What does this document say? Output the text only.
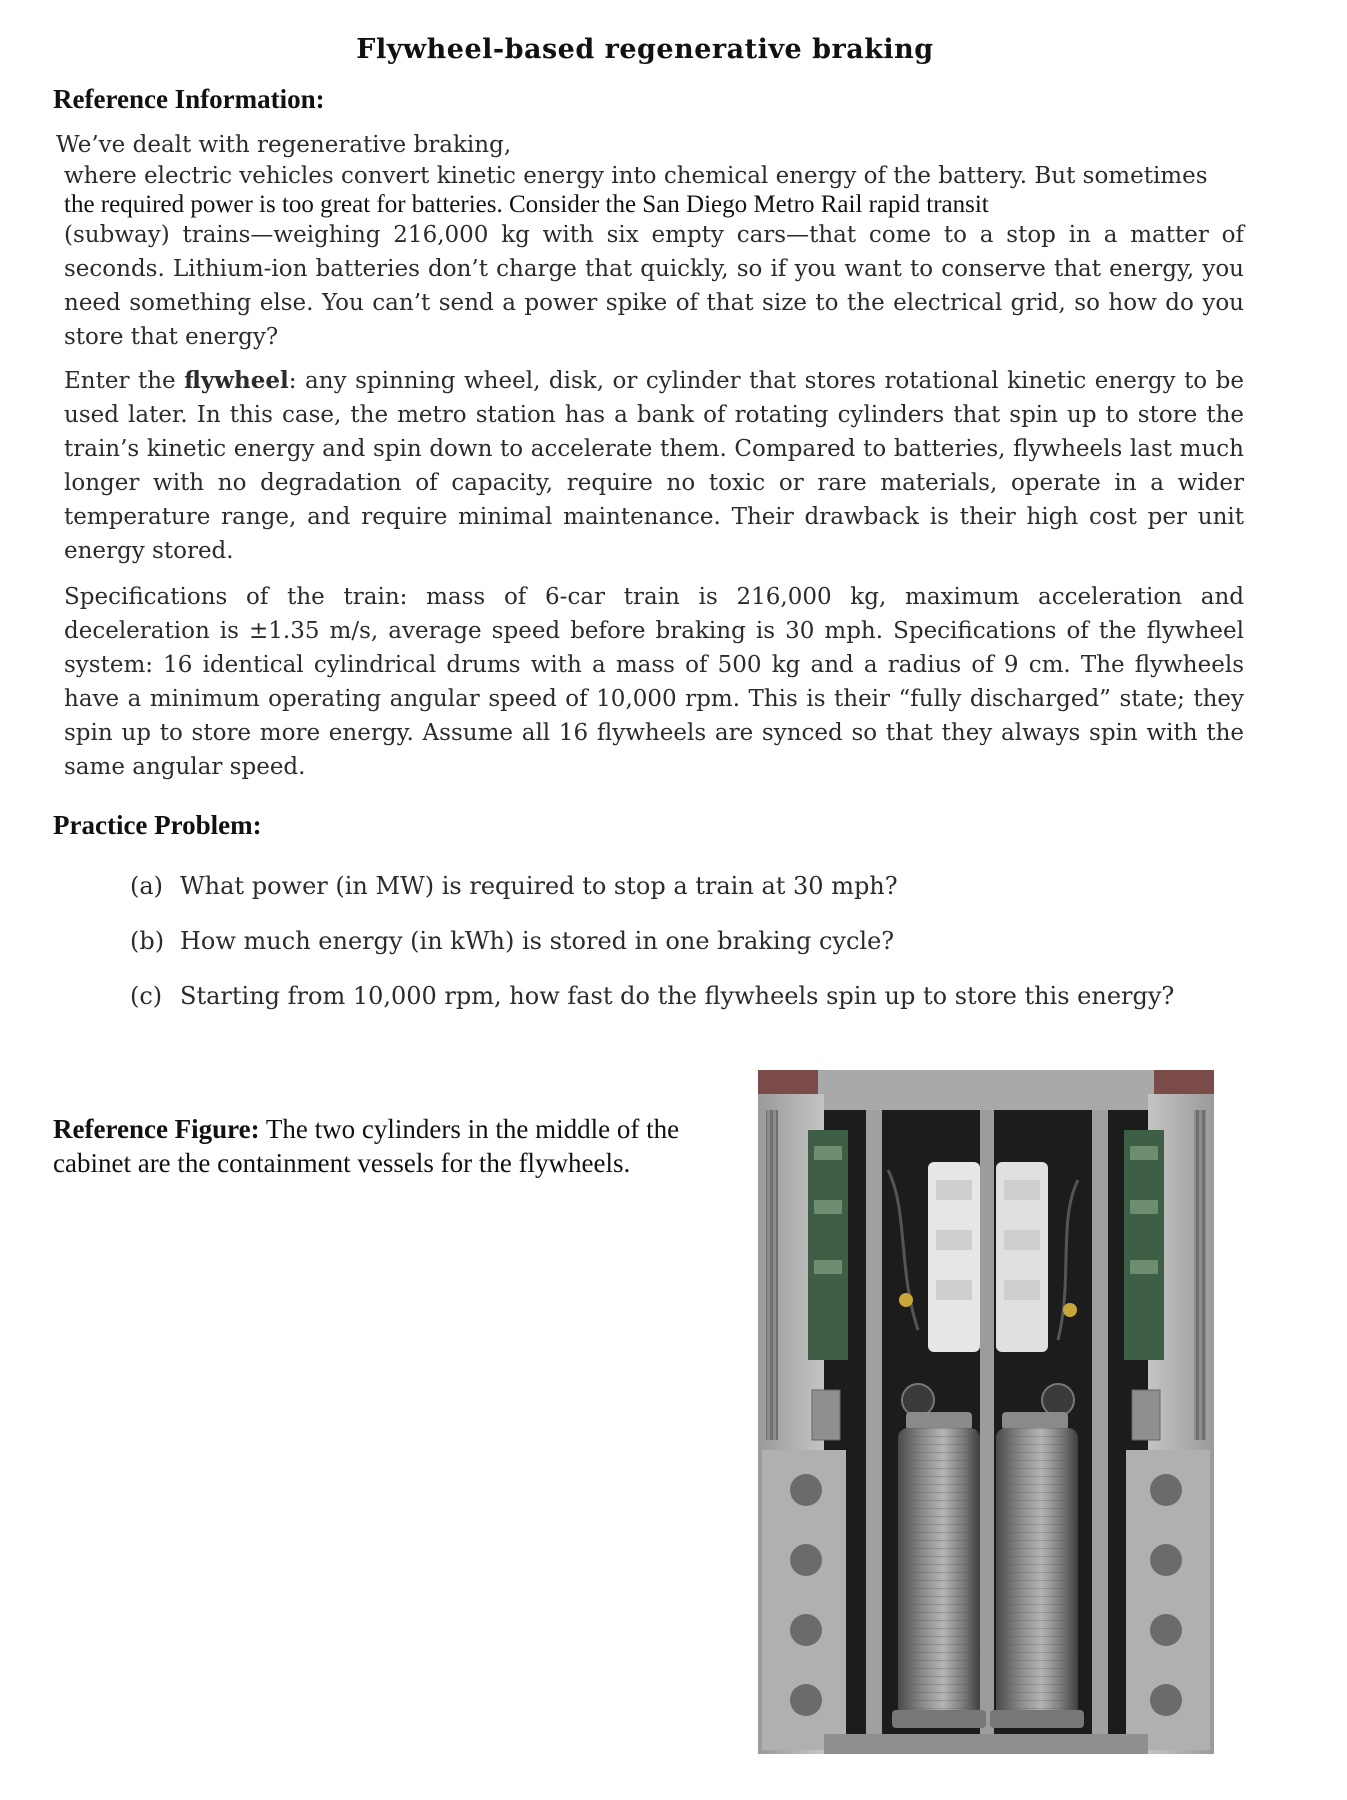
Flywheel-based regenerative braking
Reference Information:
We’ve dealt with regenerative braking,
where electric vehicles convert kinetic energy into chemical energy of the battery. But sometimes
the required power is too great for batteries. Consider the San Diego Metro Rail rapid transit

(subway) trains—weighing 216,000 kg with six empty cars—that come to a stop in a matter of seconds. Lithium-ion batteries don’t charge that quickly, so if you want to conserve that energy, you need something else. You can’t send a power spike of that size to the electrical grid, so how do you store that energy?

Enter the flywheel: any spinning wheel, disk, or cylinder that stores rotational kinetic energy to be used later. In this case, the metro station has a bank of rotating cylinders that spin up to store the train’s kinetic energy and spin down to accelerate them. Compared to batteries, flywheels last much longer with no degradation of capacity, require no toxic or rare materials, operate in a wider temperature range, and require minimal maintenance. Their drawback is their high cost per unit energy stored.

Specifications of the train: mass of 6-car train is 216,000 kg, maximum acceleration and deceleration is ±1.35 m/s, average speed before braking is 30 mph. Specifications of the flywheel system: 16 identical cylindrical drums with a mass of 500 kg and a radius of 9 cm. The flywheels have a minimum operating angular speed of 10,000 rpm. This is their “fully discharged” state; they spin up to store more energy. Assume all 16 flywheels are synced so that they always spin with the same angular speed.

Practice Problem:
(a) What power (in MW) is required to stop a train at 30 mph?
(b) How much energy (in kWh) is stored in one braking cycle?
(c) Starting from 10,000 rpm, how fast do the flywheels spin up to store this energy?
Reference Figure: The two cylinders in the middle of the cabinet are the containment vessels for the flywheels.
